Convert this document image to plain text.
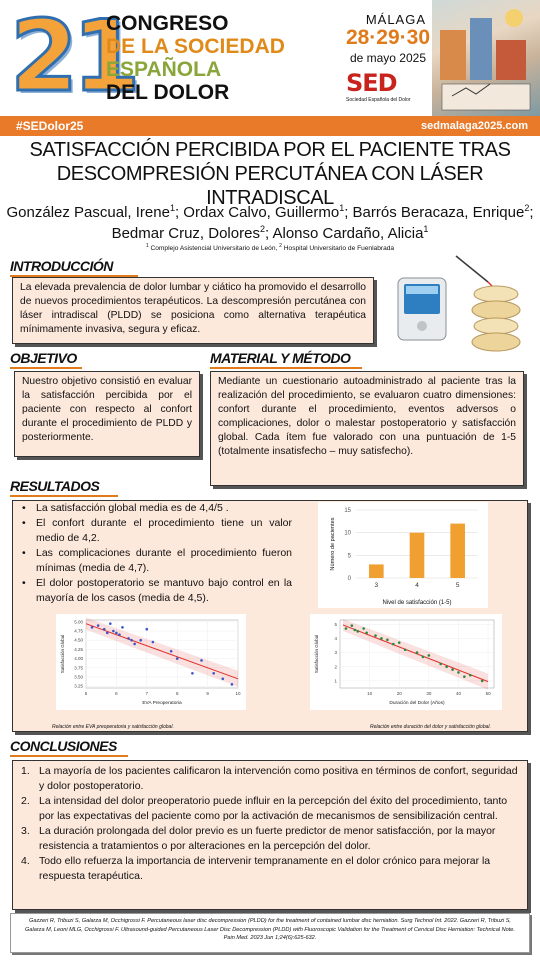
21
CONGRESO
DE LA SOCIEDAD
ESPAÑOLA
DEL DOLOR
MÁLAGA
28·29·30
de mayo 2025
SED
Sociedad Española del Dolor
#SEDolor25	sedmalaga2025.com
SATISFACCIÓN PERCIBIDA POR EL PACIENTE TRAS
DESCOMPRESIÓN PERCUTÁNEA CON LÁSER INTRADISCAL
González Pascual, Irene$^1$; Ordax Calvo, Guillermo$^1$; Barrós Beracaza, Enrique$^2$; Bedmar Cruz, Dolores$^2$; Alonso Cardaño, Alicia$^1$
$^1$ Complejo Asistencial Universitario de León, $^2$ Hospital Universitario de Fuenlabrada
INTRODUCCIÓN
La elevada prevalencia de dolor lumbar y ciático ha promovido el desarrollo de nuevos procedimientos terapéuticos. La descompresión percutánea con láser intradiscal (PLDD) se posiciona como alternativa terapéutica mínimamente invasiva, segura y eficaz.
OBJETIVO
Nuestro objetivo consistió en evaluar la satisfacción percibida por el paciente con respecto al confort durante el procedimiento de PLDD y posteriormente.
MATERIAL Y MÉTODO
Mediante un cuestionario autoadministrado al paciente tras la realización del procedimiento, se evaluaron cuatro dimensiones: confort durante el procedimiento, eventos adversos o complicaciones, dolor o malestar postoperatorio y satisfacción global. Cada ítem fue valorado con una puntuación de 1-5 (totalmente insatisfecho – muy satisfecho).
RESULTADOS
• La satisfacción global media es de 4,4/5 .
• El confort durante el procedimiento tiene un valor medio de 4,2.
• Las complicaciones durante el procedimiento fueron mínimas (media de 4,7).
• El dolor postoperatorio se mantuvo bajo control en la mayoría de los casos (media de 4,5).
0
5
10
15
3	4	5
Nivel de satisfacción (1-5)
Número de pacientes
3.25
3.50
3.75
4.00
4.25
4.50
4.75
5.00
5	6	7	8	9	10
EVA Preoperatoria
Satisfacción Global
1
2
3
4
5
10	20	30	40	50
Duración del Dolor (Años)
Satisfacción Global
Relación entre EVA preoperatoria y satisfacción global.	Relación entre duración del dolor y satisfacción global.
CONCLUSIONES
1. La mayoría de los pacientes calificaron la intervención como positiva en términos de confort, seguridad y dolor postoperatorio.
2. La intensidad del dolor preoperatorio puede influir en la percepción del éxito del procedimiento, tanto por las expectativas del paciente como por la activación de mecanismos de sensibilización central.
3. La duración prolongada del dolor previo es un fuerte predictor de menor satisfacción, por la mayor resistencia a tratamientos o por alteraciones en la percepción del dolor.
4. Todo ello refuerza la importancia de intervenir tempranamente en el dolor crónico para mejorar la respuesta terapéutica.
Gazzeri R, Tribuzi S, Galarza M, Occhigrossi F. Percutaneous laser disc decompression (PLDD) for the treatment of contained lumbar disc herniation. Surg Technol Int. 2022. Gazzeri R, Tribuzi S, Galarza M, Leoni MLG, Occhigrossi F. Ultrasound-guided Percutaneous Laser Disc Decompression (PLDD) with Fluoroscopic Validation for the Treatment of Cervical Disc Herniation: Technical Note. Pain Med. 2023 Jun 1;24(6):625-632.
